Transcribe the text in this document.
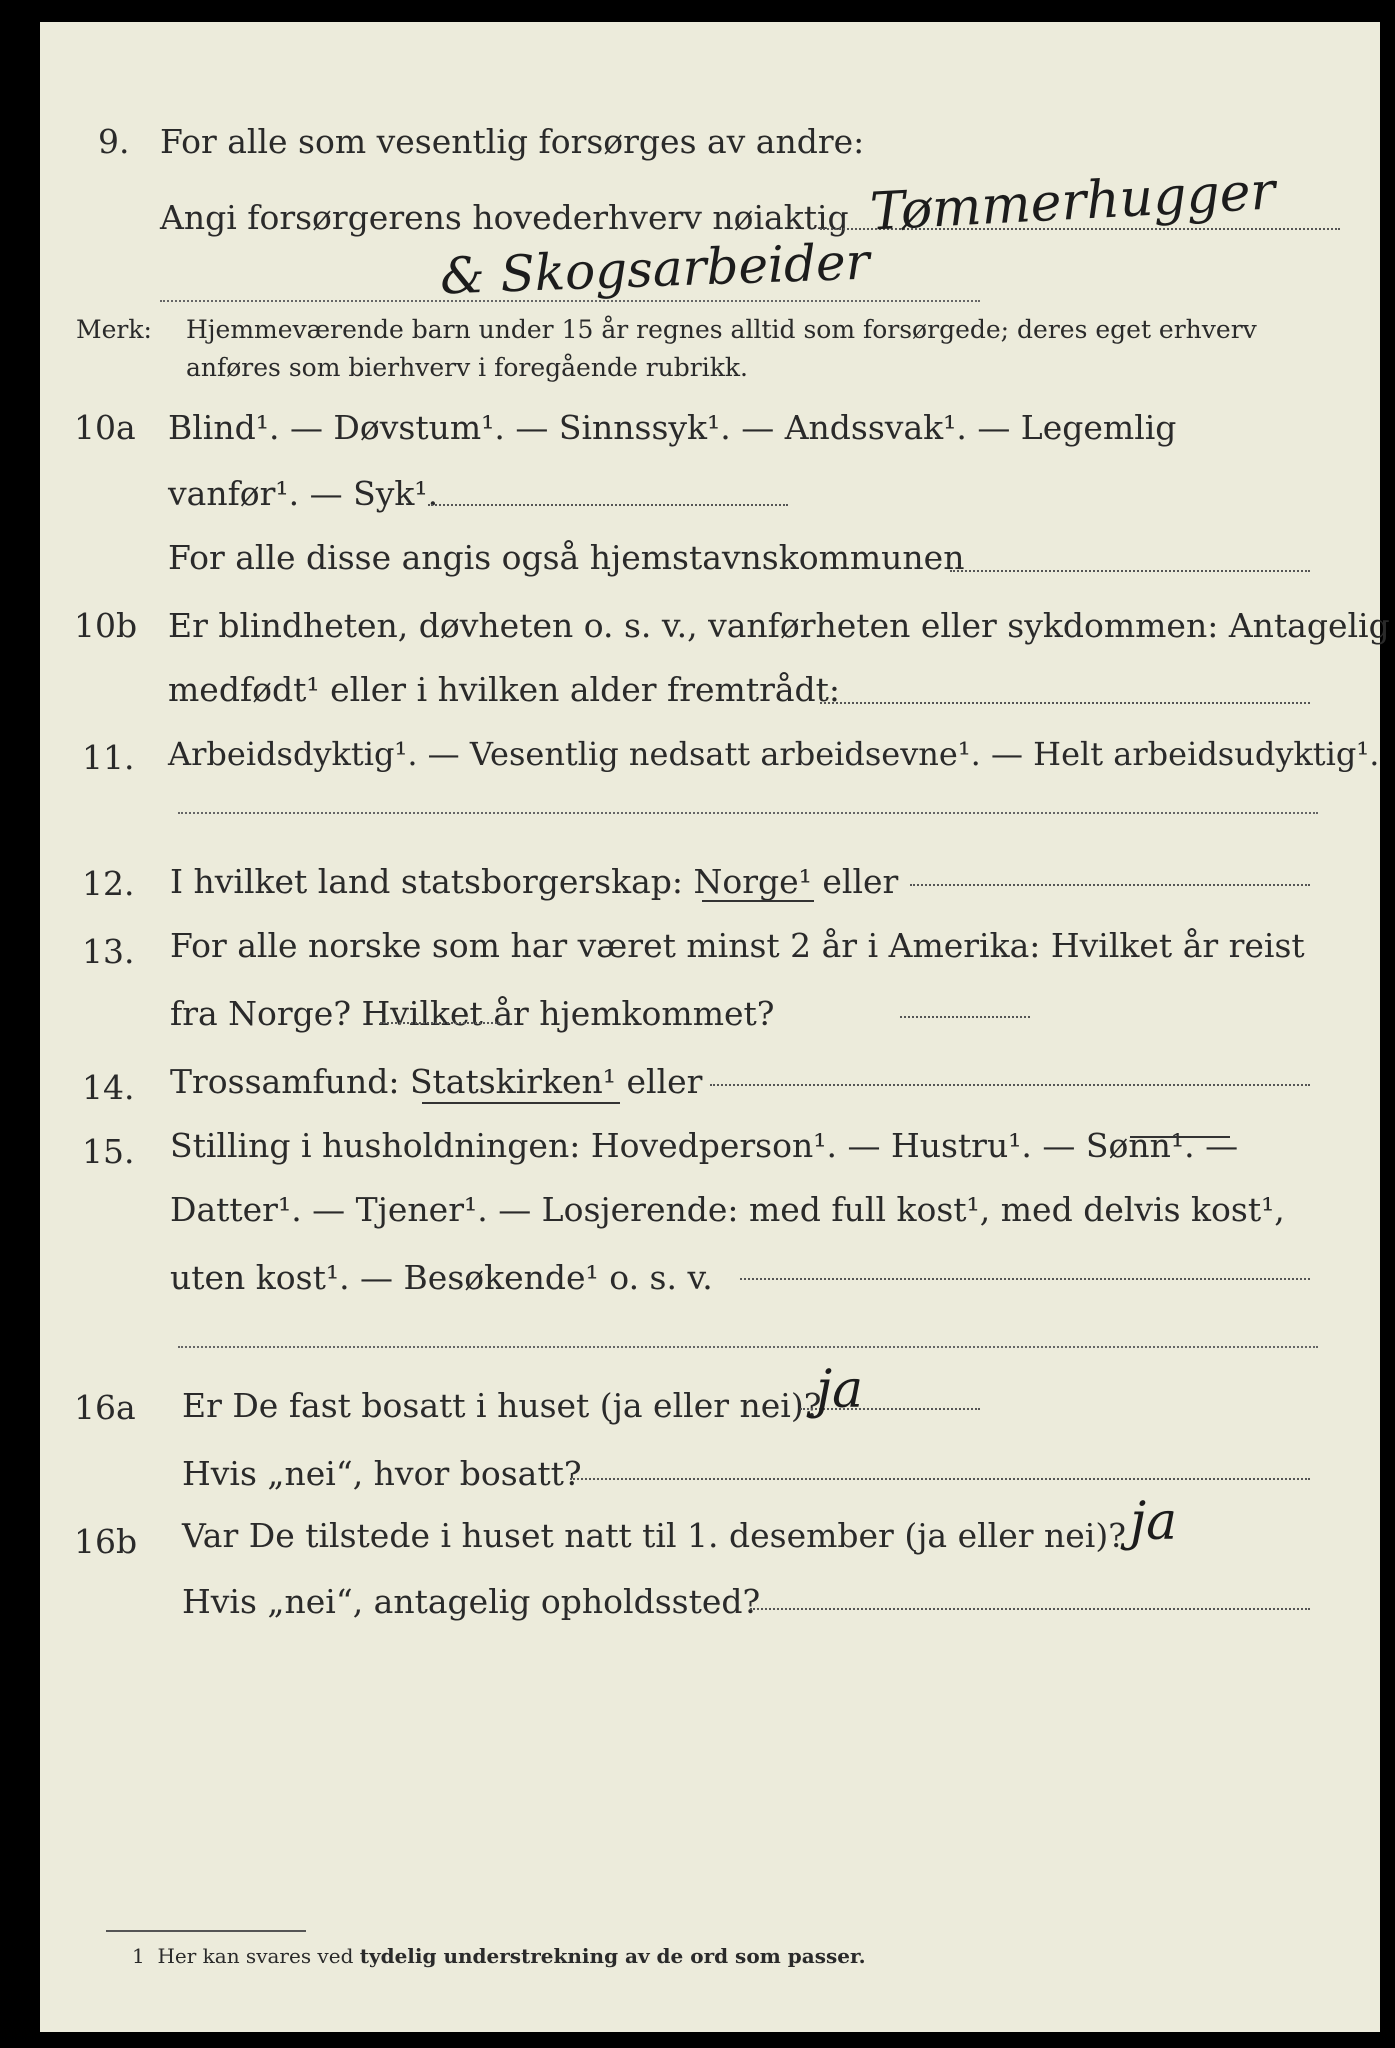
9. For alle som vesentlig forsørges av andre:
Angi forsørgerens hovederhverv nøiaktig Tømmerhugger
& Skogsarbeider
Merk: Hjemmeværende barn under 15 år regnes alltid som forsørgede; deres eget erhverv
anføres som bierhverv i foregående rubrikk.
10a Blind¹. — Døvstum¹. — Sinnssyk¹. — Andssvak¹. — Legemlig
vanfør¹. — Syk¹.
For alle disse angis også hjemstavnskommunen
10b Er blindheten, døvheten o. s. v., vanførheten eller sykdommen: Antagelig
medfødt¹ eller i hvilken alder fremtrådt:
11. Arbeidsdyktig¹. — Vesentlig nedsatt arbeidsevne¹. — Helt arbeidsudyktig¹.
12. I hvilket land statsborgerskap: Norge¹ eller
13. For alle norske som har været minst 2 år i Amerika: Hvilket år reist
fra Norge? Hvilket år hjemkommet?
14. Trossamfund: Statskirken¹ eller
15. Stilling i husholdningen: Hovedperson¹. — Hustru¹. — Sønn¹. —
Datter¹. — Tjener¹. — Losjerende: med full kost¹, med delvis kost¹,
uten kost¹. — Besøkende¹ o. s. v.
16a Er De fast bosatt i huset (ja eller nei)?
ja
Hvis „nei“, hvor bosatt?
16b Var De tilstede i huset natt til 1. desember (ja eller nei)? ja
Hvis „nei“, antagelig opholdssted?
1 Her kan svares ved tydelig understrekning av de ord som passer.
